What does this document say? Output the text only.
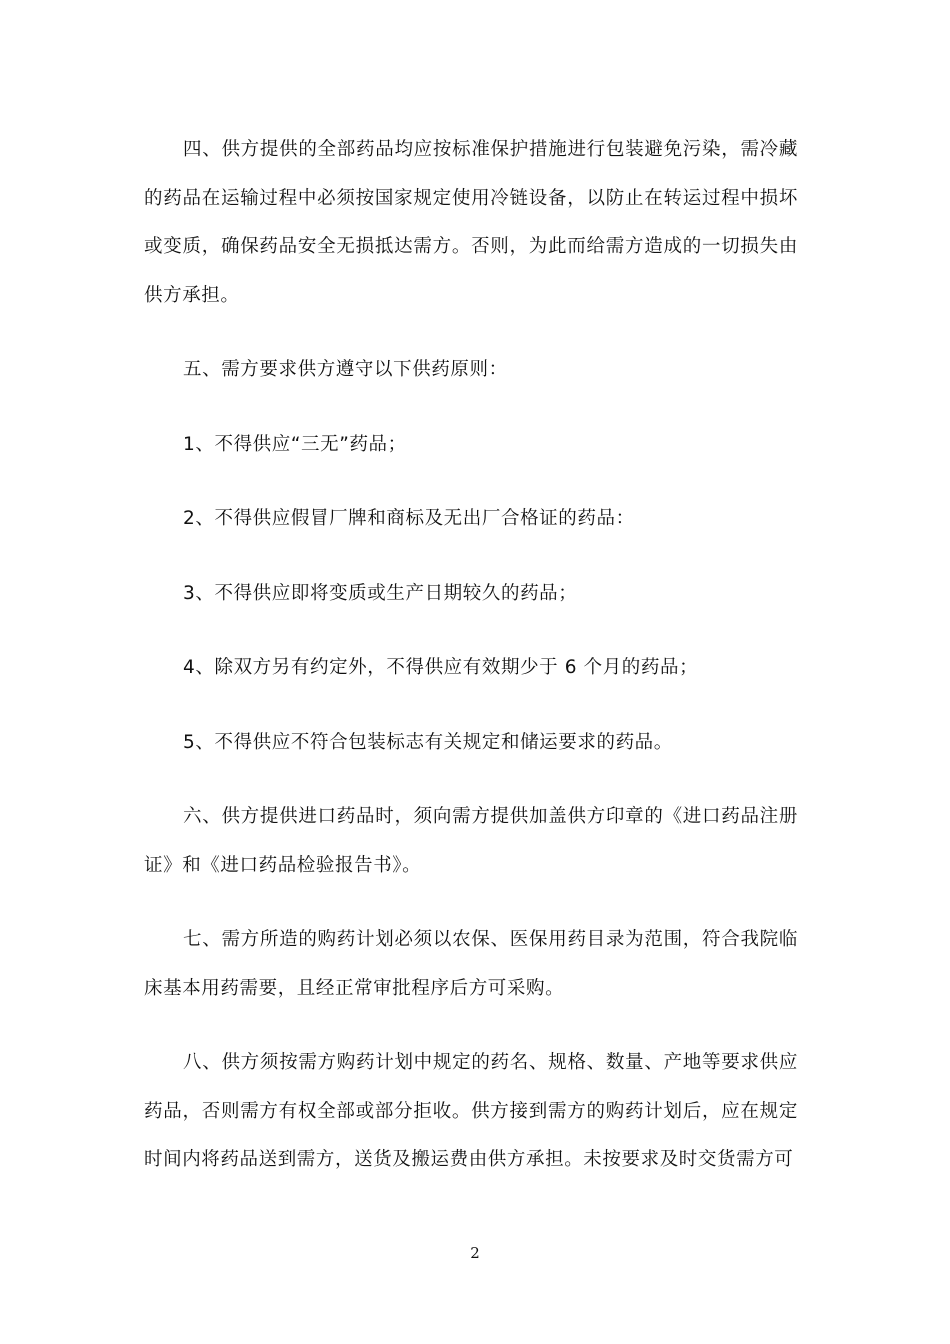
四、供方提供的全部药品均应按标准保护措施进行包装避免污染，需冷藏的药品在运输过程中必须按国家规定使用冷链设备，以防止在转运过程中损坏或变质，确保药品安全无损抵达需方。否则，为此而给需方造成的一切损失由供方承担。

五、需方要求供方遵守以下供药原则：

1、不得供应“三无”药品；

2、不得供应假冒厂牌和商标及无出厂合格证的药品：

3、不得供应即将变质或生产日期较久的药品；

4、除双方另有约定外，不得供应有效期少于 6 个月的药品；

5、不得供应不符合包装标志有关规定和储运要求的药品。

六、供方提供进口药品时，须向需方提供加盖供方印章的《进口药品注册证》和《进口药品检验报告书》。

七、需方所造的购药计划必须以农保、医保用药目录为范围，符合我院临床基本用药需要，且经正常审批程序后方可采购。

八、供方须按需方购药计划中规定的药名、规格、数量、产地等要求供应药品，否则需方有权全部或部分拒收。供方接到需方的购药计划后，应在规定时间内将药品送到需方，送货及搬运费由供方承担。未按要求及时交货需方可

2
